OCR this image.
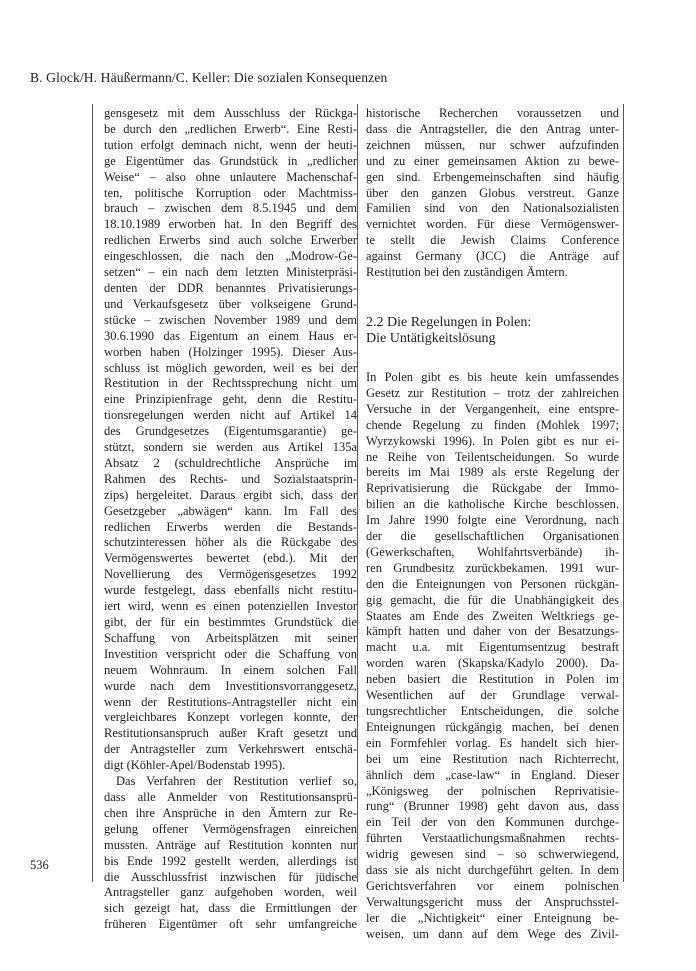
B. Glock/H. Häußermann/C. Keller: Die sozialen Konsequenzen
gensgesetz mit dem Ausschluss der Rückga-
be durch den „redlichen Erwerb“. Eine Resti-
tution erfolgt demnach nicht, wenn der heuti-
ge Eigentümer das Grundstück in „redlicher
Weise“ – also ohne unlautere Machenschaf-
ten, politische Korruption oder Machtmiss-
brauch – zwischen dem 8.5.1945 und dem
18.10.1989 erworben hat. In den Begriff des
redlichen Erwerbs sind auch solche Erwerber
eingeschlossen, die nach den „Modrow-Ge-
setzen“ – ein nach dem letzten Ministerpräsi-
denten der DDR benanntes Privatisierungs-
und Verkaufsgesetz über volkseigene Grund-
stücke – zwischen November 1989 und dem
30.6.1990 das Eigentum an einem Haus er-
worben haben (Holzinger 1995). Dieser Aus-
schluss ist möglich geworden, weil es bei der
Restitution in der Rechtssprechung nicht um
eine Prinzipienfrage geht, denn die Restitu-
tionsregelungen werden nicht auf Artikel 14
des Grundgesetzes (Eigentumsgarantie) ge-
stützt, sondern sie werden aus Artikel 135a
Absatz 2 (schuldrechtliche Ansprüche im
Rahmen des Rechts- und Sozialstaatsprin-
zips) hergeleitet. Daraus ergibt sich, dass der
Gesetzgeber „abwägen“ kann. Im Fall des
redlichen Erwerbs werden die Bestands-
schutzinteressen höher als die Rückgabe des
Vermögenswertes bewertet (ebd.). Mit der
Novellierung des Vermögensgesetzes 1992
wurde festgelegt, dass ebenfalls nicht restitu-
iert wird, wenn es einen potenziellen Investor
gibt, der für ein bestimmtes Grundstück die
Schaffung von Arbeitsplätzen mit seiner
Investition verspricht oder die Schaffung von
neuem Wohnraum. In einem solchen Fall
wurde nach dem Investitionsvorranggesetz,
wenn der Restitutions-Antragsteller nicht ein
vergleichbares Konzept vorlegen konnte, der
Restitutionsanspruch außer Kraft gesetzt und
der Antragsteller zum Verkehrswert entschä-
digt (Köhler-Apel/Bodenstab 1995).
Das Verfahren der Restitution verlief so,
dass alle Anmelder von Restitutionsansprü-
chen ihre Ansprüche in den Ämtern zur Re-
gelung offener Vermögensfragen einreichen
mussten. Anträge auf Restitution konnten nur
bis Ende 1992 gestellt werden, allerdings ist
die Ausschlussfrist inzwischen für jüdische
Antragsteller ganz aufgehoben worden, weil
sich gezeigt hat, dass die Ermittlungen der
früheren Eigentümer oft sehr umfangreiche
historische Recherchen voraussetzen und
dass die Antragsteller, die den Antrag unter-
zeichnen müssen, nur schwer aufzufinden
und zu einer gemeinsamen Aktion zu bewe-
gen sind. Erbengemeinschaften sind häufig
über den ganzen Globus verstreut. Ganze
Familien sind von den Nationalsozialisten
vernichtet worden. Für diese Vermögenswer-
te stellt die Jewish Claims Conference
against Germany (JCC) die Anträge auf
Restitution bei den zuständigen Ämtern.
2.2 Die Regelungen in Polen:
Die Untätigkeitslösung
In Polen gibt es bis heute kein umfassendes
Gesetz zur Restitution – trotz der zahlreichen
Versuche in der Vergangenheit, eine entspre-
chende Regelung zu finden (Mohlek 1997;
Wyrzykowski 1996). In Polen gibt es nur ei-
ne Reihe von Teilentscheidungen. So wurde
bereits im Mai 1989 als erste Regelung der
Reprivatisierung die Rückgabe der Immo-
bilien an die katholische Kirche beschlossen.
Im Jahre 1990 folgte eine Verordnung, nach
der die gesellschaftlichen Organisationen
(Gewerkschaften, Wohlfahrtsverbände) ih-
ren Grundbesitz zurückbekamen. 1991 wur-
den die Enteignungen von Personen rückgän-
gig gemacht, die für die Unabhängigkeit des
Staates am Ende des Zweiten Weltkriegs ge-
kämpft hatten und daher von der Besatzungs-
macht u.a. mit Eigentumsentzug bestraft
worden waren (Skapska/Kadylo 2000). Da-
neben basiert die Restitution in Polen im
Wesentlichen auf der Grundlage verwal-
tungsrechtlicher Entscheidungen, die solche
Enteignungen rückgängig machen, bei denen
ein Formfehler vorlag. Es handelt sich hier-
bei um eine Restitution nach Richterrecht,
ähnlich dem „case-law“ in England. Dieser
„Königsweg der polnischen Reprivatisie-
rung“ (Brunner 1998) geht davon aus, dass
ein Teil der von den Kommunen durchge-
führten Verstaatlichungsmaßnahmen rechts-
widrig gewesen sind – so schwerwiegend,
dass sie als nicht durchgeführt gelten. In dem
Gerichtsverfahren vor einem polnischen
Verwaltungsgericht muss der Anspruchsstel-
ler die „Nichtigkeit“ einer Enteignung be-
weisen, um dann auf dem Wege des Zivil-
536
